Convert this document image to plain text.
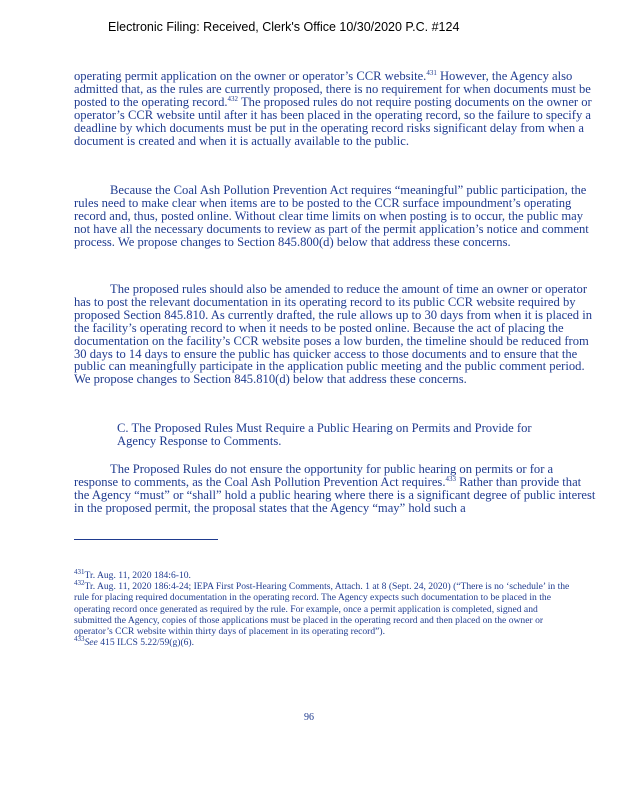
Electronic Filing: Received, Clerk's Office 10/30/2020 P.C. #124

operating permit application on the owner or operator’s CCR website.$^{431}$ However, the Agency also admitted that, as the rules are currently proposed, there is no requirement for when documents must be posted to the operating record.$^{432}$ The proposed rules do not require posting documents on the owner or operator’s CCR website until after it has been placed in the operating record, so the failure to specify a deadline by which documents must be put in the operating record risks significant delay from when a document is created and when it is actually available to the public.

Because the Coal Ash Pollution Prevention Act requires “meaningful” public participation, the rules need to make clear when items are to be posted to the CCR surface impoundment’s operating record and, thus, posted online. Without clear time limits on when posting is to occur, the public may not have all the necessary documents to review as part of the permit application’s notice and comment process. We propose changes to Section 845.800(d) below that address these concerns.

The proposed rules should also be amended to reduce the amount of time an owner or operator has to post the relevant documentation in its operating record to its public CCR website required by proposed Section 845.810. As currently drafted, the rule allows up to 30 days from when it is placed in the facility’s operating record to when it needs to be posted online. Because the act of placing the documentation on the facility’s CCR website poses a low burden, the timeline should be reduced from 30 days to 14 days to ensure the public has quicker access to those documents and to ensure that the public can meaningfully participate in the application public meeting and the public comment period. We propose changes to Section 845.810(d) below that address these concerns.

C. The Proposed Rules Must Require a Public Hearing on Permits and Provide for Agency Response to Comments.

The Proposed Rules do not ensure the opportunity for public hearing on permits or for a response to comments, as the Coal Ash Pollution Prevention Act requires.$^{433}$ Rather than provide that the Agency “must” or “shall” hold a public hearing where there is a significant degree of public interest in the proposed permit, the proposal states that the Agency “may” hold such a

$^{431}$Tr. Aug. 11, 2020 184:6-10.

$^{432}$Tr. Aug. 11, 2020 186:4-24; IEPA First Post-Hearing Comments, Attach. 1 at 8 (Sept. 24, 2020) (“There is no ‘schedule’ in the rule for placing required documentation in the operating record. The Agency expects such documentation to be placed in the operating record once generated as required by the rule. For example, once a permit application is completed, signed and submitted the Agency, copies of those applications must be placed in the operating record and then placed on the owner or operator’s CCR website within thirty days of placement in its operating record”).

$^{433}$See 415 ILCS 5.22/59(g)(6).

96
